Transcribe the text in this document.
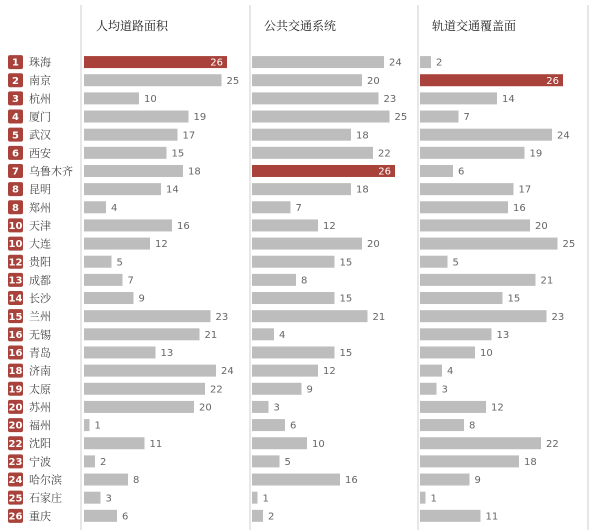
人均道路面积	公共交通系统	轨道交通覆盖面
1 珠海	26	24	2
2 南京	25	20	26
3 杭州	10	23	14
4 厦门	19	25	7
5 武汉	17	18	24
6 西安	15	22	19
7 乌鲁木齐	18	26	6
8 昆明	14	18	17
8 郑州	4	7	16
10 天津	16	12	20
10 大连	12	20	25
12 贵阳	5	15	5
13 成都	7	8	21
14 长沙	9	15	15
15 兰州	23	21	23
16 无锡	21	4	13
16 青岛	13	15	10
18 济南	24	12	4
19 太原	22	9	3
20 苏州	20	3	12
20 福州	1	6	8
22 沈阳	11	10	22
23 宁波	2	5	18
24 哈尔滨	8	16	9
25 石家庄	3	1	1
26 重庆	6	2	11
